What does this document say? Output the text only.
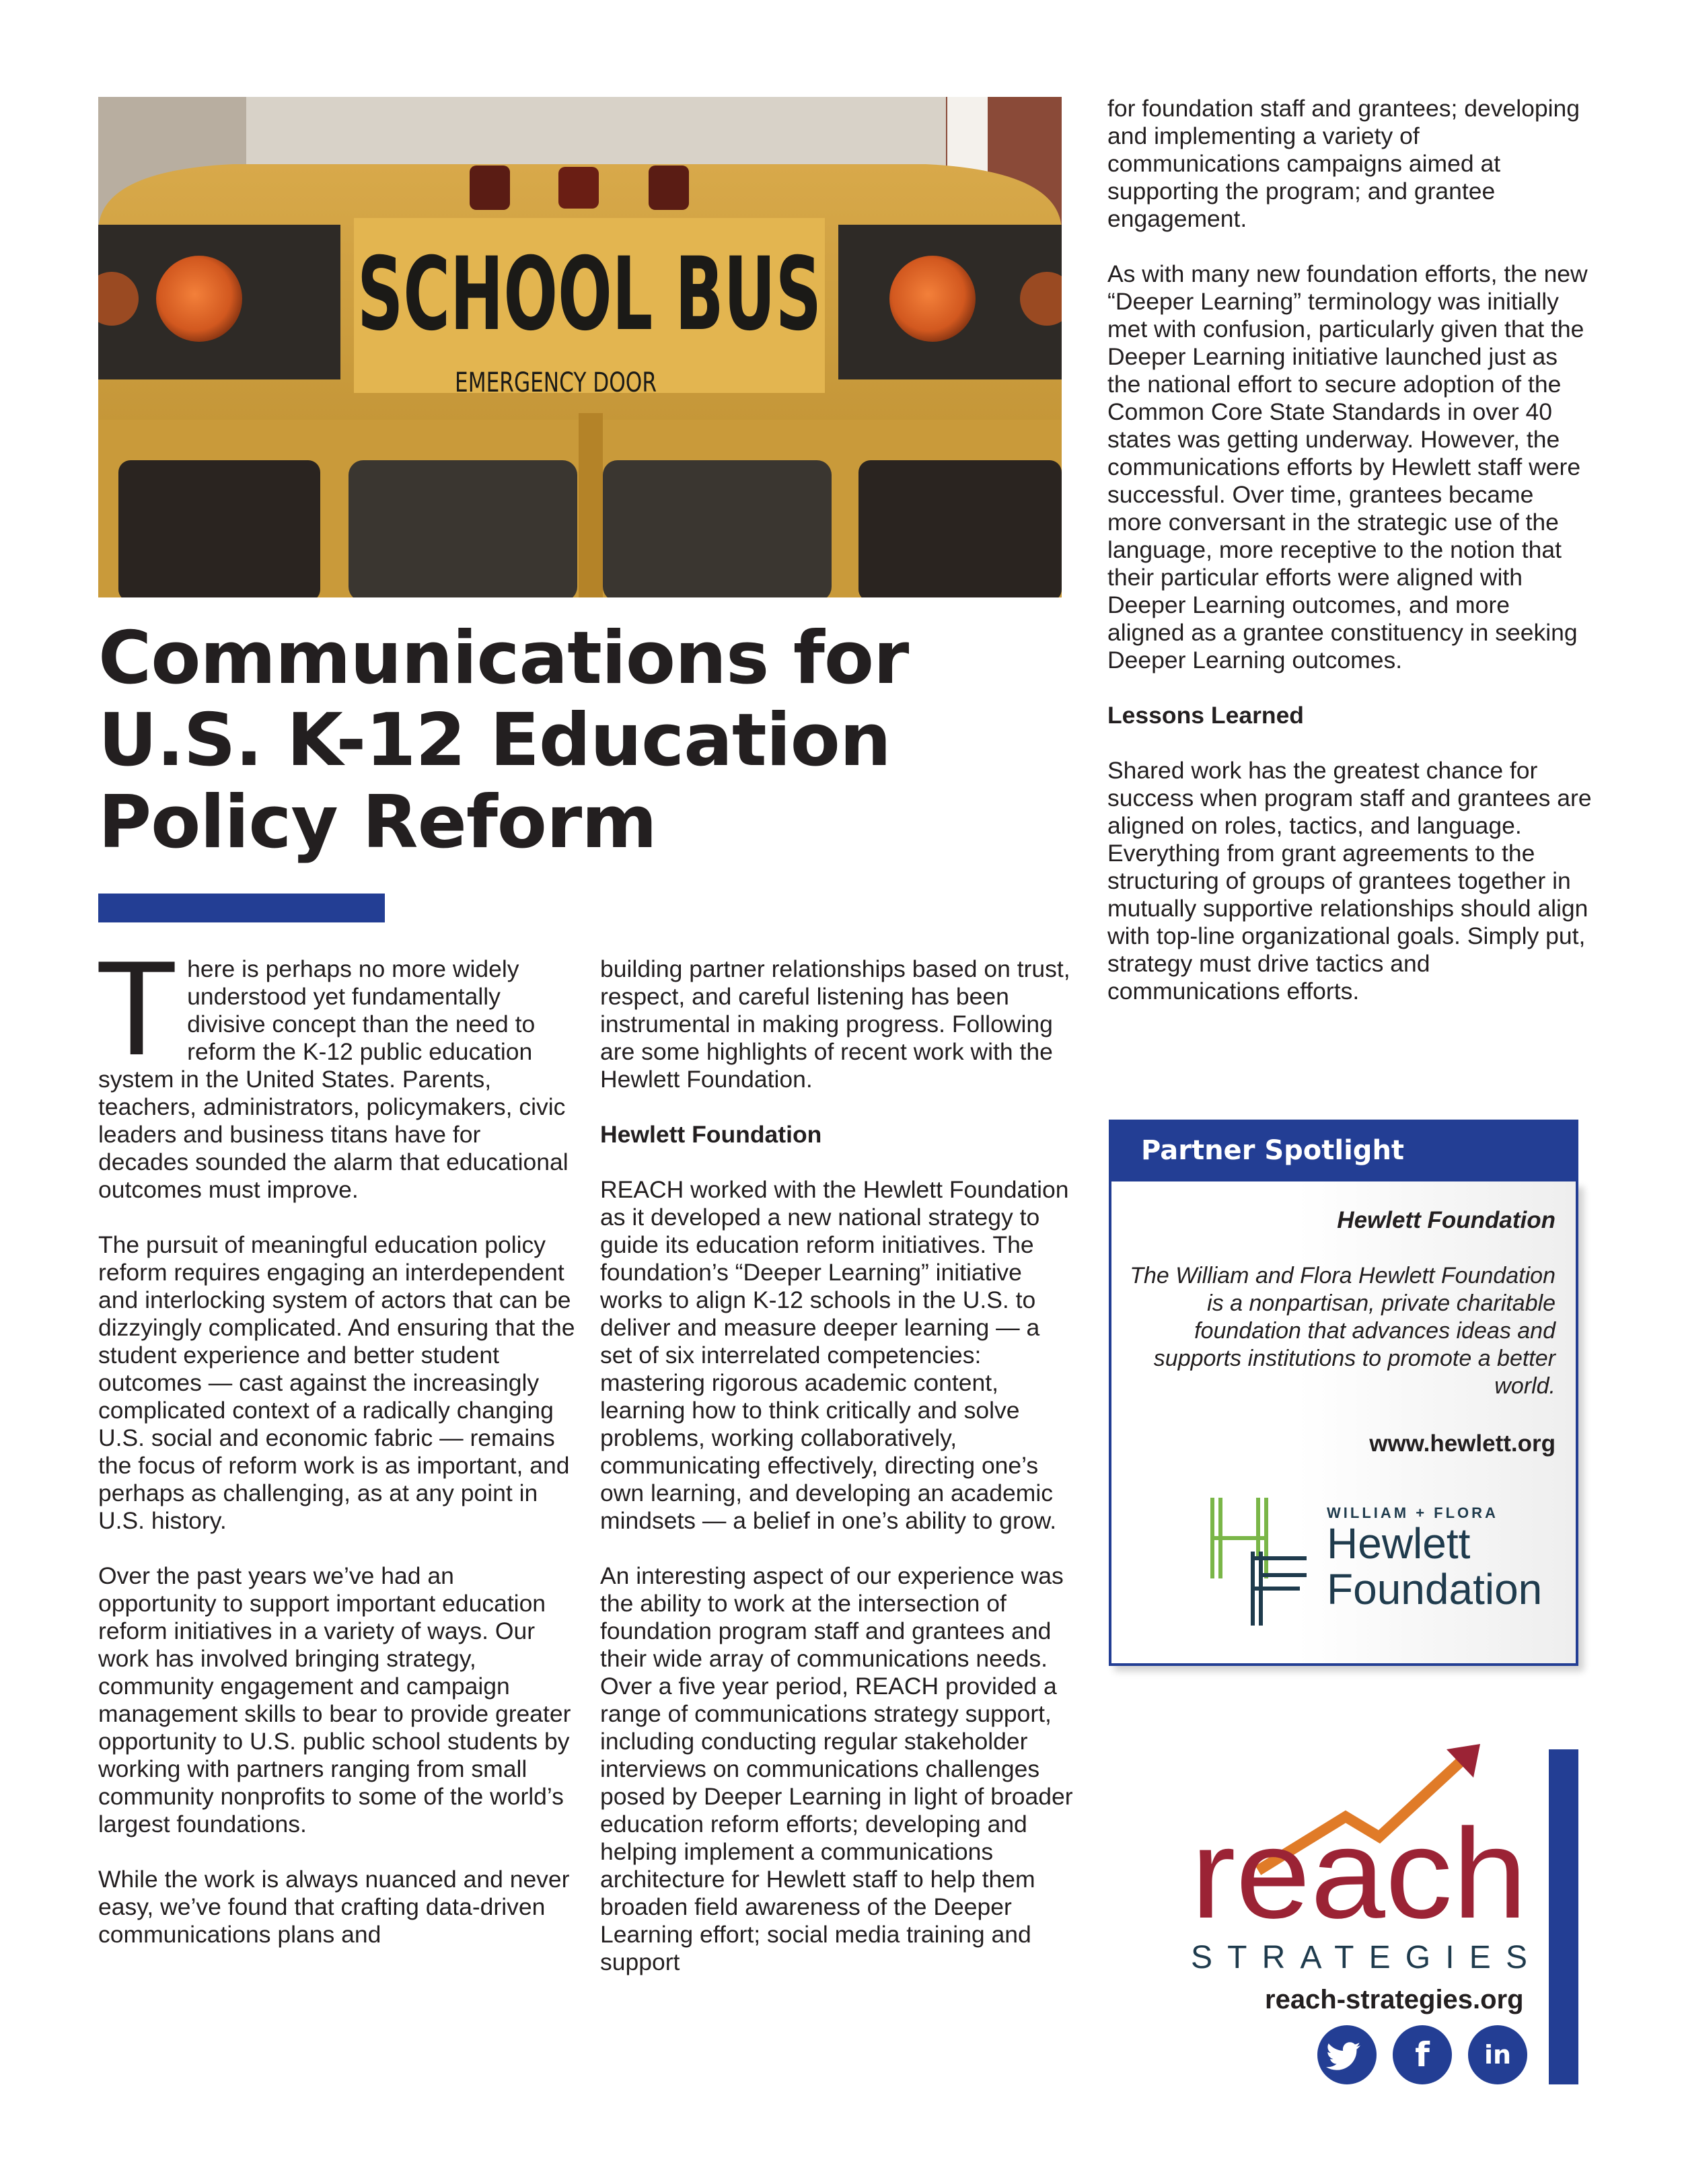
SCHOOL BUS
EMERGENCY DOOR
Communications for
U.S. K-12 Education
Policy Reform

There is perhaps no more widely understood yet fundamentally divisive concept than the need to reform the K-12 public education system in the United States. Parents, teachers, administrators, policymakers, civic leaders and business titans have for decades sounded the alarm that educational outcomes must improve.

The pursuit of meaningful education policy reform requires engaging an interdependent and interlocking system of actors that can be dizzyingly complicated. And ensuring that the student experience and better student outcomes — cast against the increasingly complicated context of a radically changing U.S. social and economic fabric — remains the focus of reform work is as important, and perhaps as challenging, as at any point in U.S. history.

Over the past years we’ve had an opportunity to support important education reform initiatives in a variety of ways. Our work has involved bringing strategy, community engagement and campaign management skills to bear to provide greater opportunity to U.S. public school students by working with partners ranging from small community nonprofits to some of the world’s largest foundations.

While the work is always nuanced and never easy, we’ve found that crafting data-driven communications plans and

building partner relationships based on trust, respect, and careful listening has been instrumental in making progress. Following are some highlights of recent work with the Hewlett Foundation.

Hewlett Foundation

REACH worked with the Hewlett Foundation as it developed a new national strategy to guide its education reform initiatives. The foundation’s “Deeper Learning” initiative works to align K-12 schools in the U.S. to deliver and measure deeper learning — a set of six interrelated competencies: mastering rigorous academic content, learning how to think critically and solve problems, working collaboratively, communicating effectively, directing one’s own learning, and developing an academic mindsets — a belief in one’s ability to grow.

An interesting aspect of our experience was the ability to work at the intersection of foundation program staff and grantees and their wide array of communications needs. Over a five year period, REACH provided a range of communications strategy support, including conducting regular stakeholder interviews on communications challenges posed by Deeper Learning in light of broader education reform efforts; developing and helping implement a communications architecture for Hewlett staff to help them broaden field awareness of the Deeper Learning effort; social media training and support

for foundation staff and grantees; developing and implementing a variety of communications campaigns aimed at supporting the program; and grantee engagement.

As with many new foundation efforts, the new “Deeper Learning” terminology was initially met with confusion, particularly given that the Deeper Learning initiative launched just as the national effort to secure adoption of the Common Core State Standards in over 40 states was getting underway. However, the communications efforts by Hewlett staff were successful. Over time, grantees became more conversant in the strategic use of the language, more receptive to the notion that their particular efforts were aligned with Deeper Learning outcomes, and more aligned as a grantee constituency in seeking Deeper Learning outcomes.

Lessons Learned

Shared work has the greatest chance for success when program staff and grantees are aligned on roles, tactics, and language. Everything from grant agreements to the structuring of groups of grantees together in mutually supportive relationships should align with top-line organizational goals. Simply put, strategy must drive tactics and communications efforts.

Partner Spotlight
Hewlett Foundation
The William and Flora Hewlett Foundation is a nonpartisan, private charitable foundation that advances ideas and supports institutions to promote a better world.
www.hewlett.org
WILLIAM + FLORA
Hewlett
Foundation
reach
STRATEGIES
reach-strategies.org
f	in
